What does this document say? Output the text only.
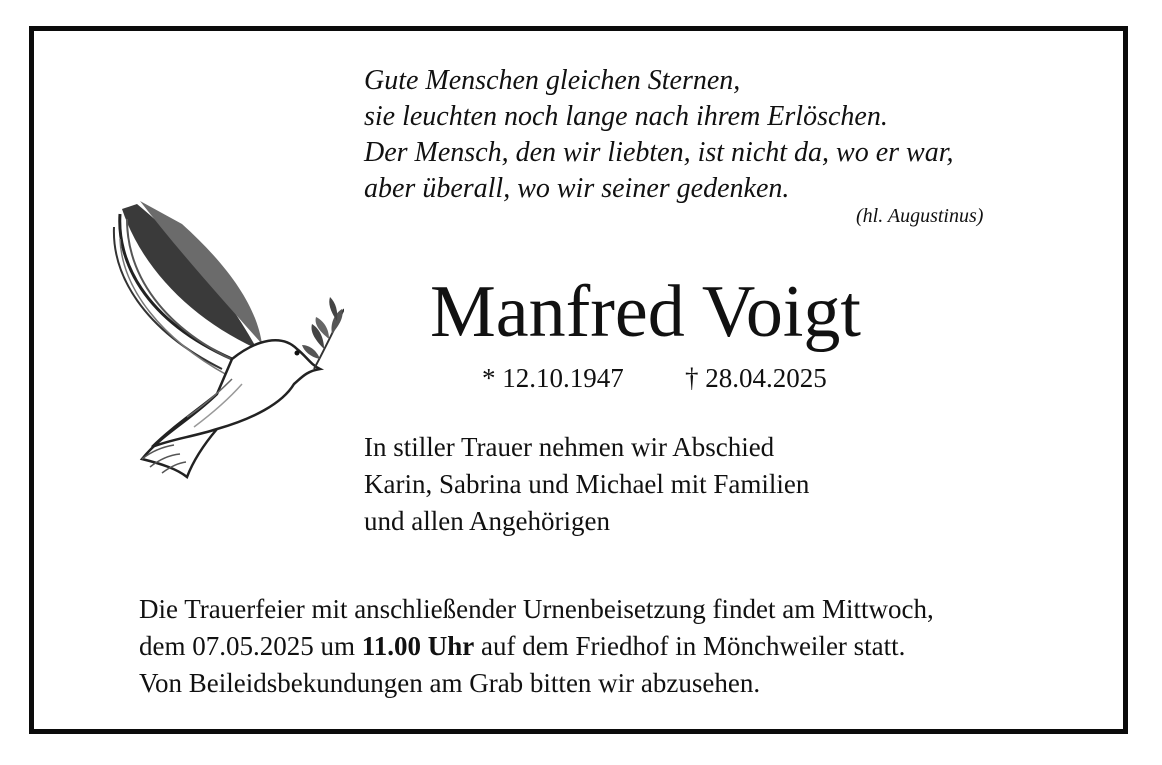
Gute Menschen gleichen Sternen,
sie leuchten noch lange nach ihrem Erlöschen.
Der Mensch, den wir liebten, ist nicht da, wo er war,
aber überall, wo wir seiner gedenken.
(hl. Augustinus)
Manfred Voigt
* 12.10.1947 † 28.04.2025
In stiller Trauer nehmen wir Abschied
Karin, Sabrina und Michael mit Familien
und allen Angehörigen
Die Trauerfeier mit anschließender Urnenbeisetzung findet am Mittwoch,
dem 07.05.2025 um 11.00 Uhr auf dem Friedhof in Mönchweiler statt.
Von Beileidsbekundungen am Grab bitten wir abzusehen.
